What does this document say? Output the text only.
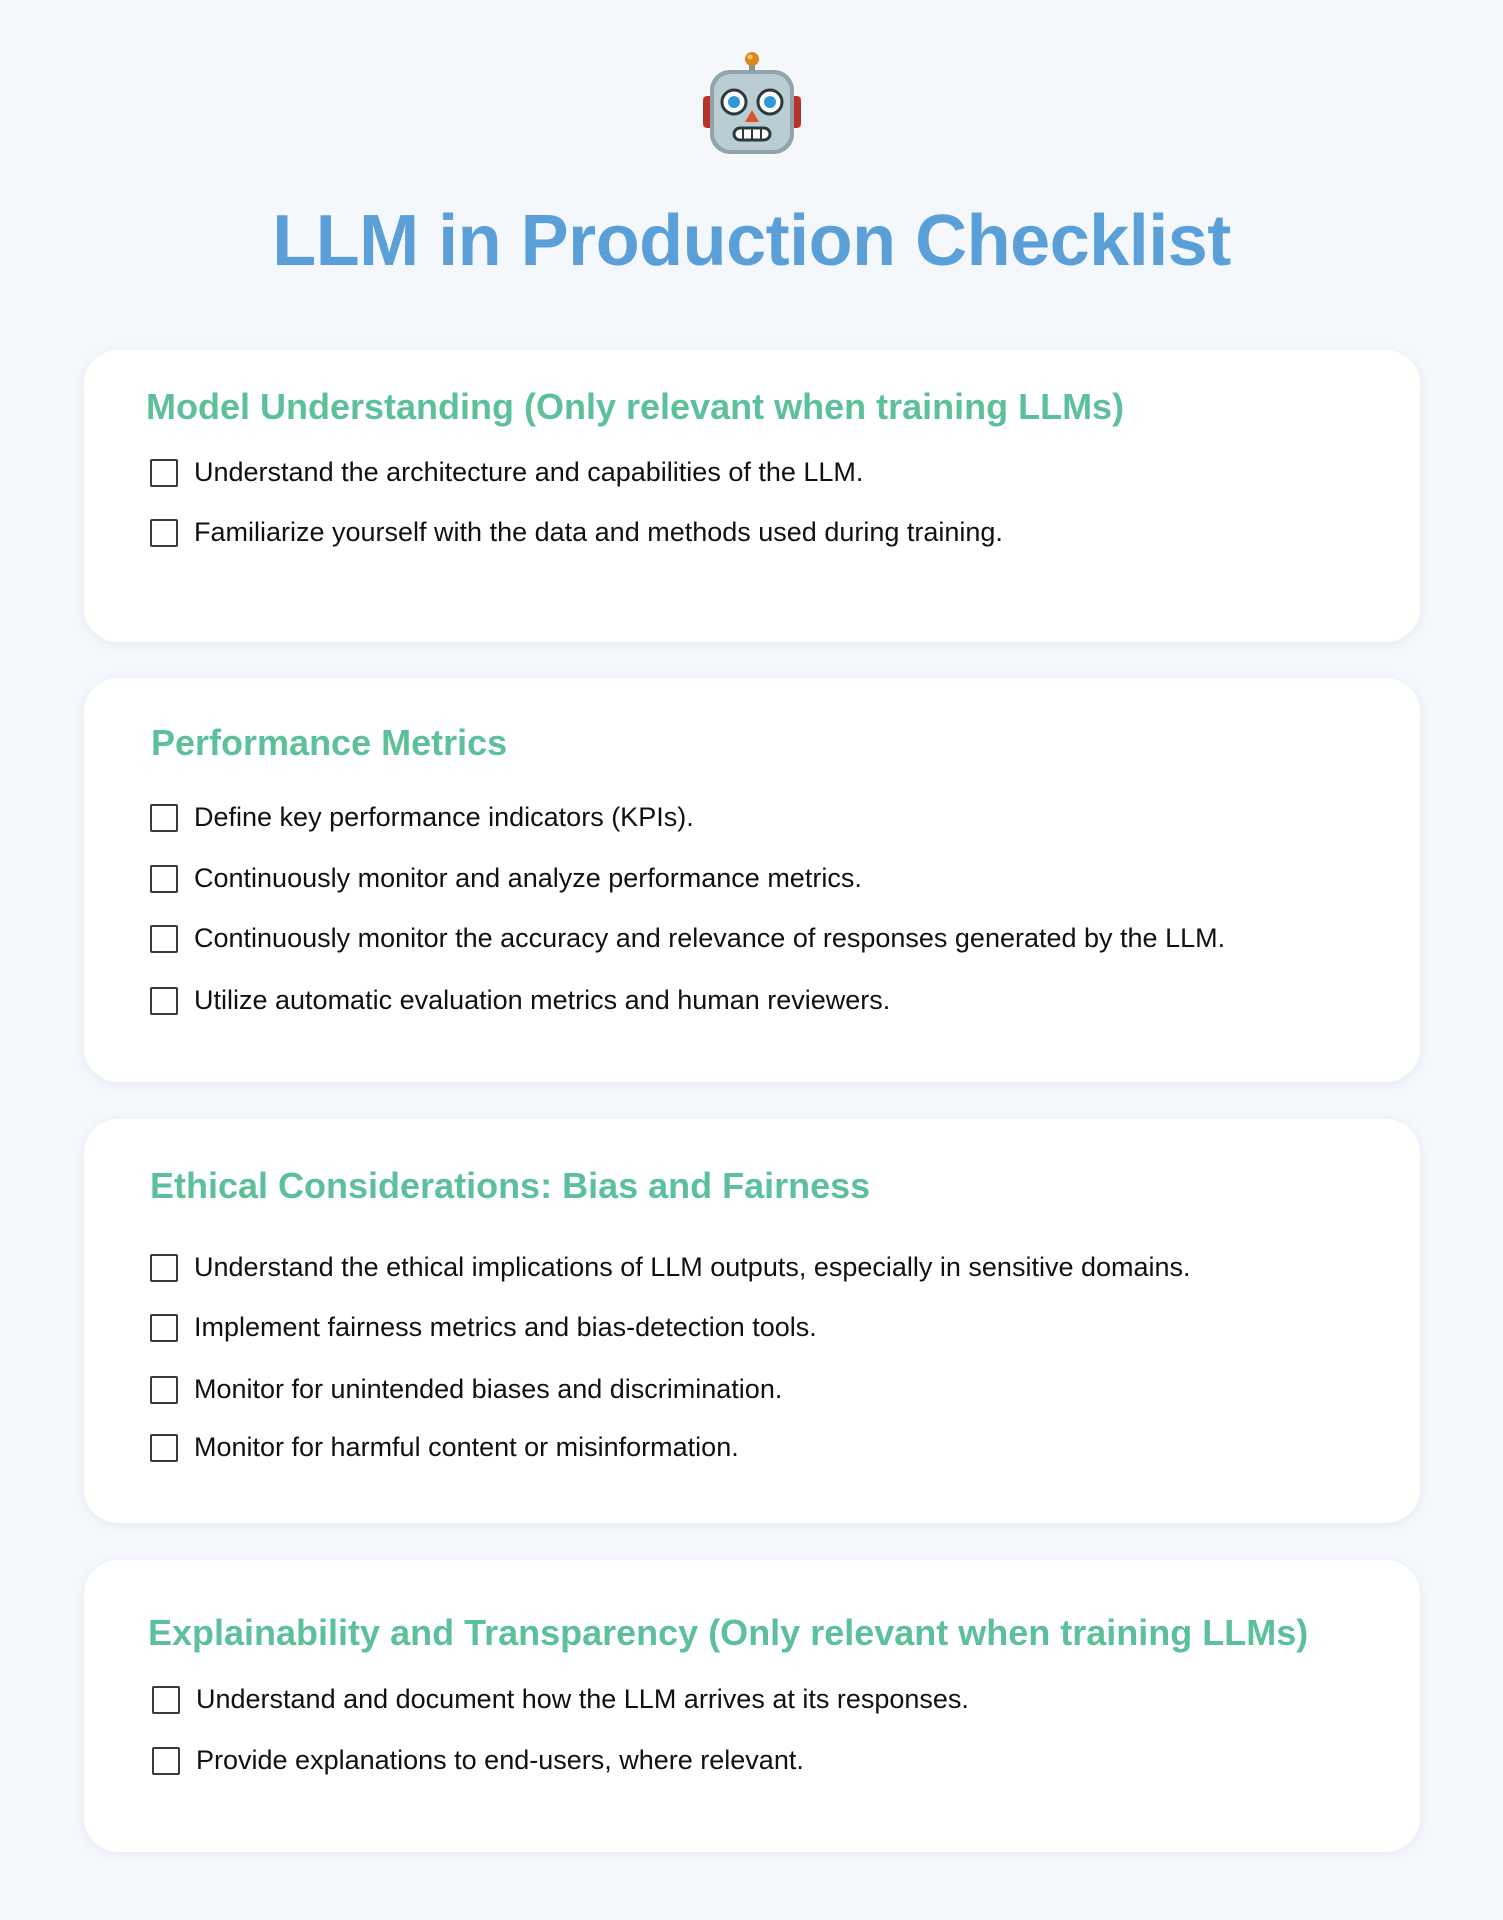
LLM in Production Checklist
Model Understanding (Only relevant when training LLMs)
Understand the architecture and capabilities of the LLM.
Familiarize yourself with the data and methods used during training.
Performance Metrics
Define key performance indicators (KPIs).
Continuously monitor and analyze performance metrics.
Continuously monitor the accuracy and relevance of responses generated by the LLM.
Utilize automatic evaluation metrics and human reviewers.
Ethical Considerations: Bias and Fairness
Understand the ethical implications of LLM outputs, especially in sensitive domains.
Implement fairness metrics and bias-detection tools.
Monitor for unintended biases and discrimination.
Monitor for harmful content or misinformation.
Explainability and Transparency (Only relevant when training LLMs)
Understand and document how the LLM arrives at its responses.
Provide explanations to end-users, where relevant.
